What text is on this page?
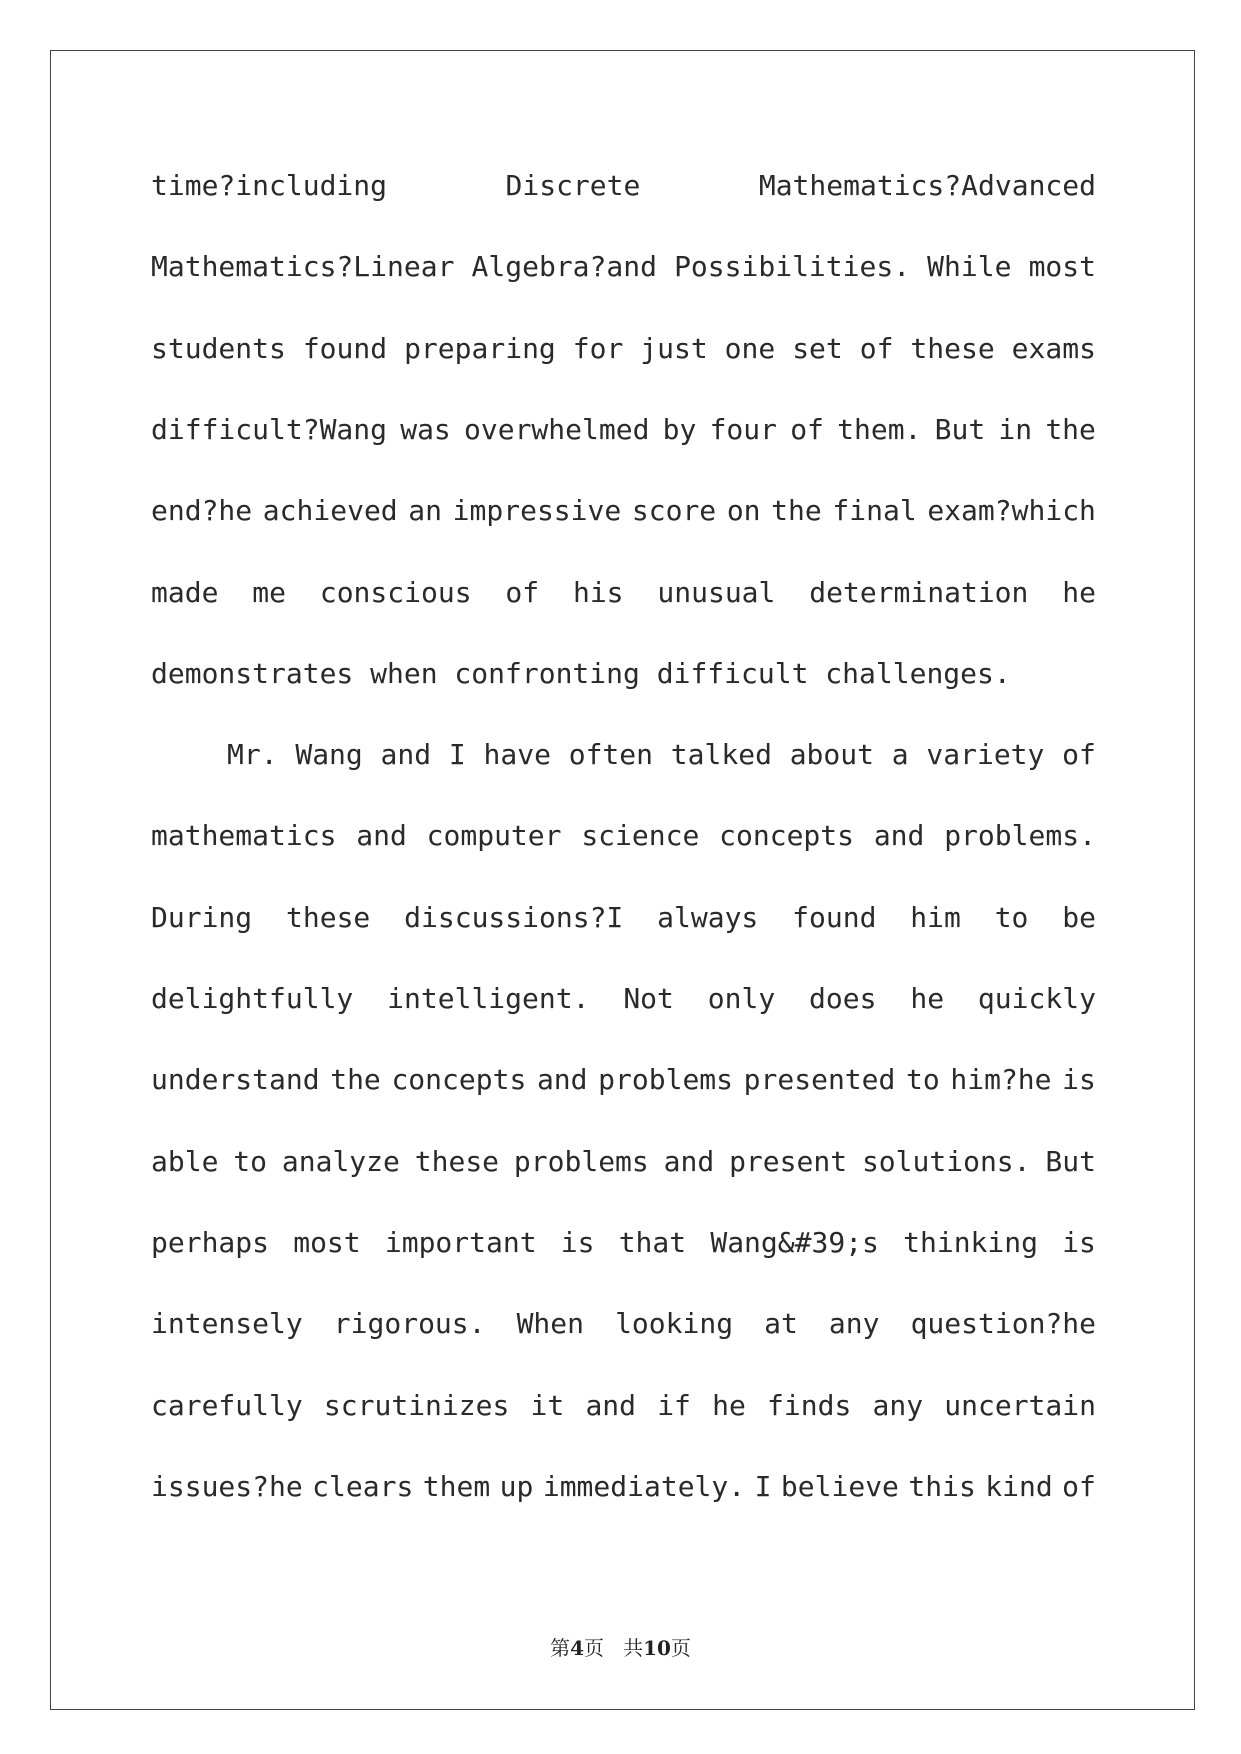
time?including	Discrete	Mathematics?Advanced
Mathematics?Linear Algebra?and Possibilities. While most
students found preparing for just one set of these exams
difficult?Wang was overwhelmed by four of them. But in the
end?he achieved an impressive score on the final exam?which
made me conscious of his unusual determination he
demonstrates when confronting difficult challenges.
Mr. Wang and I have often talked about a variety of
mathematics and computer science concepts and problems.
During these discussions?I always found him to be
delightfully intelligent. Not only does he quickly
understand the concepts and problems presented to him?he is
able to analyze these problems and present solutions. But
perhaps most important is that Wang&#39;s thinking is
intensely rigorous. When looking at any question?he
carefully scrutinizes it and if he finds any uncertain
issues?he clears them up immediately. I believe this kind of
第4页 共10页
